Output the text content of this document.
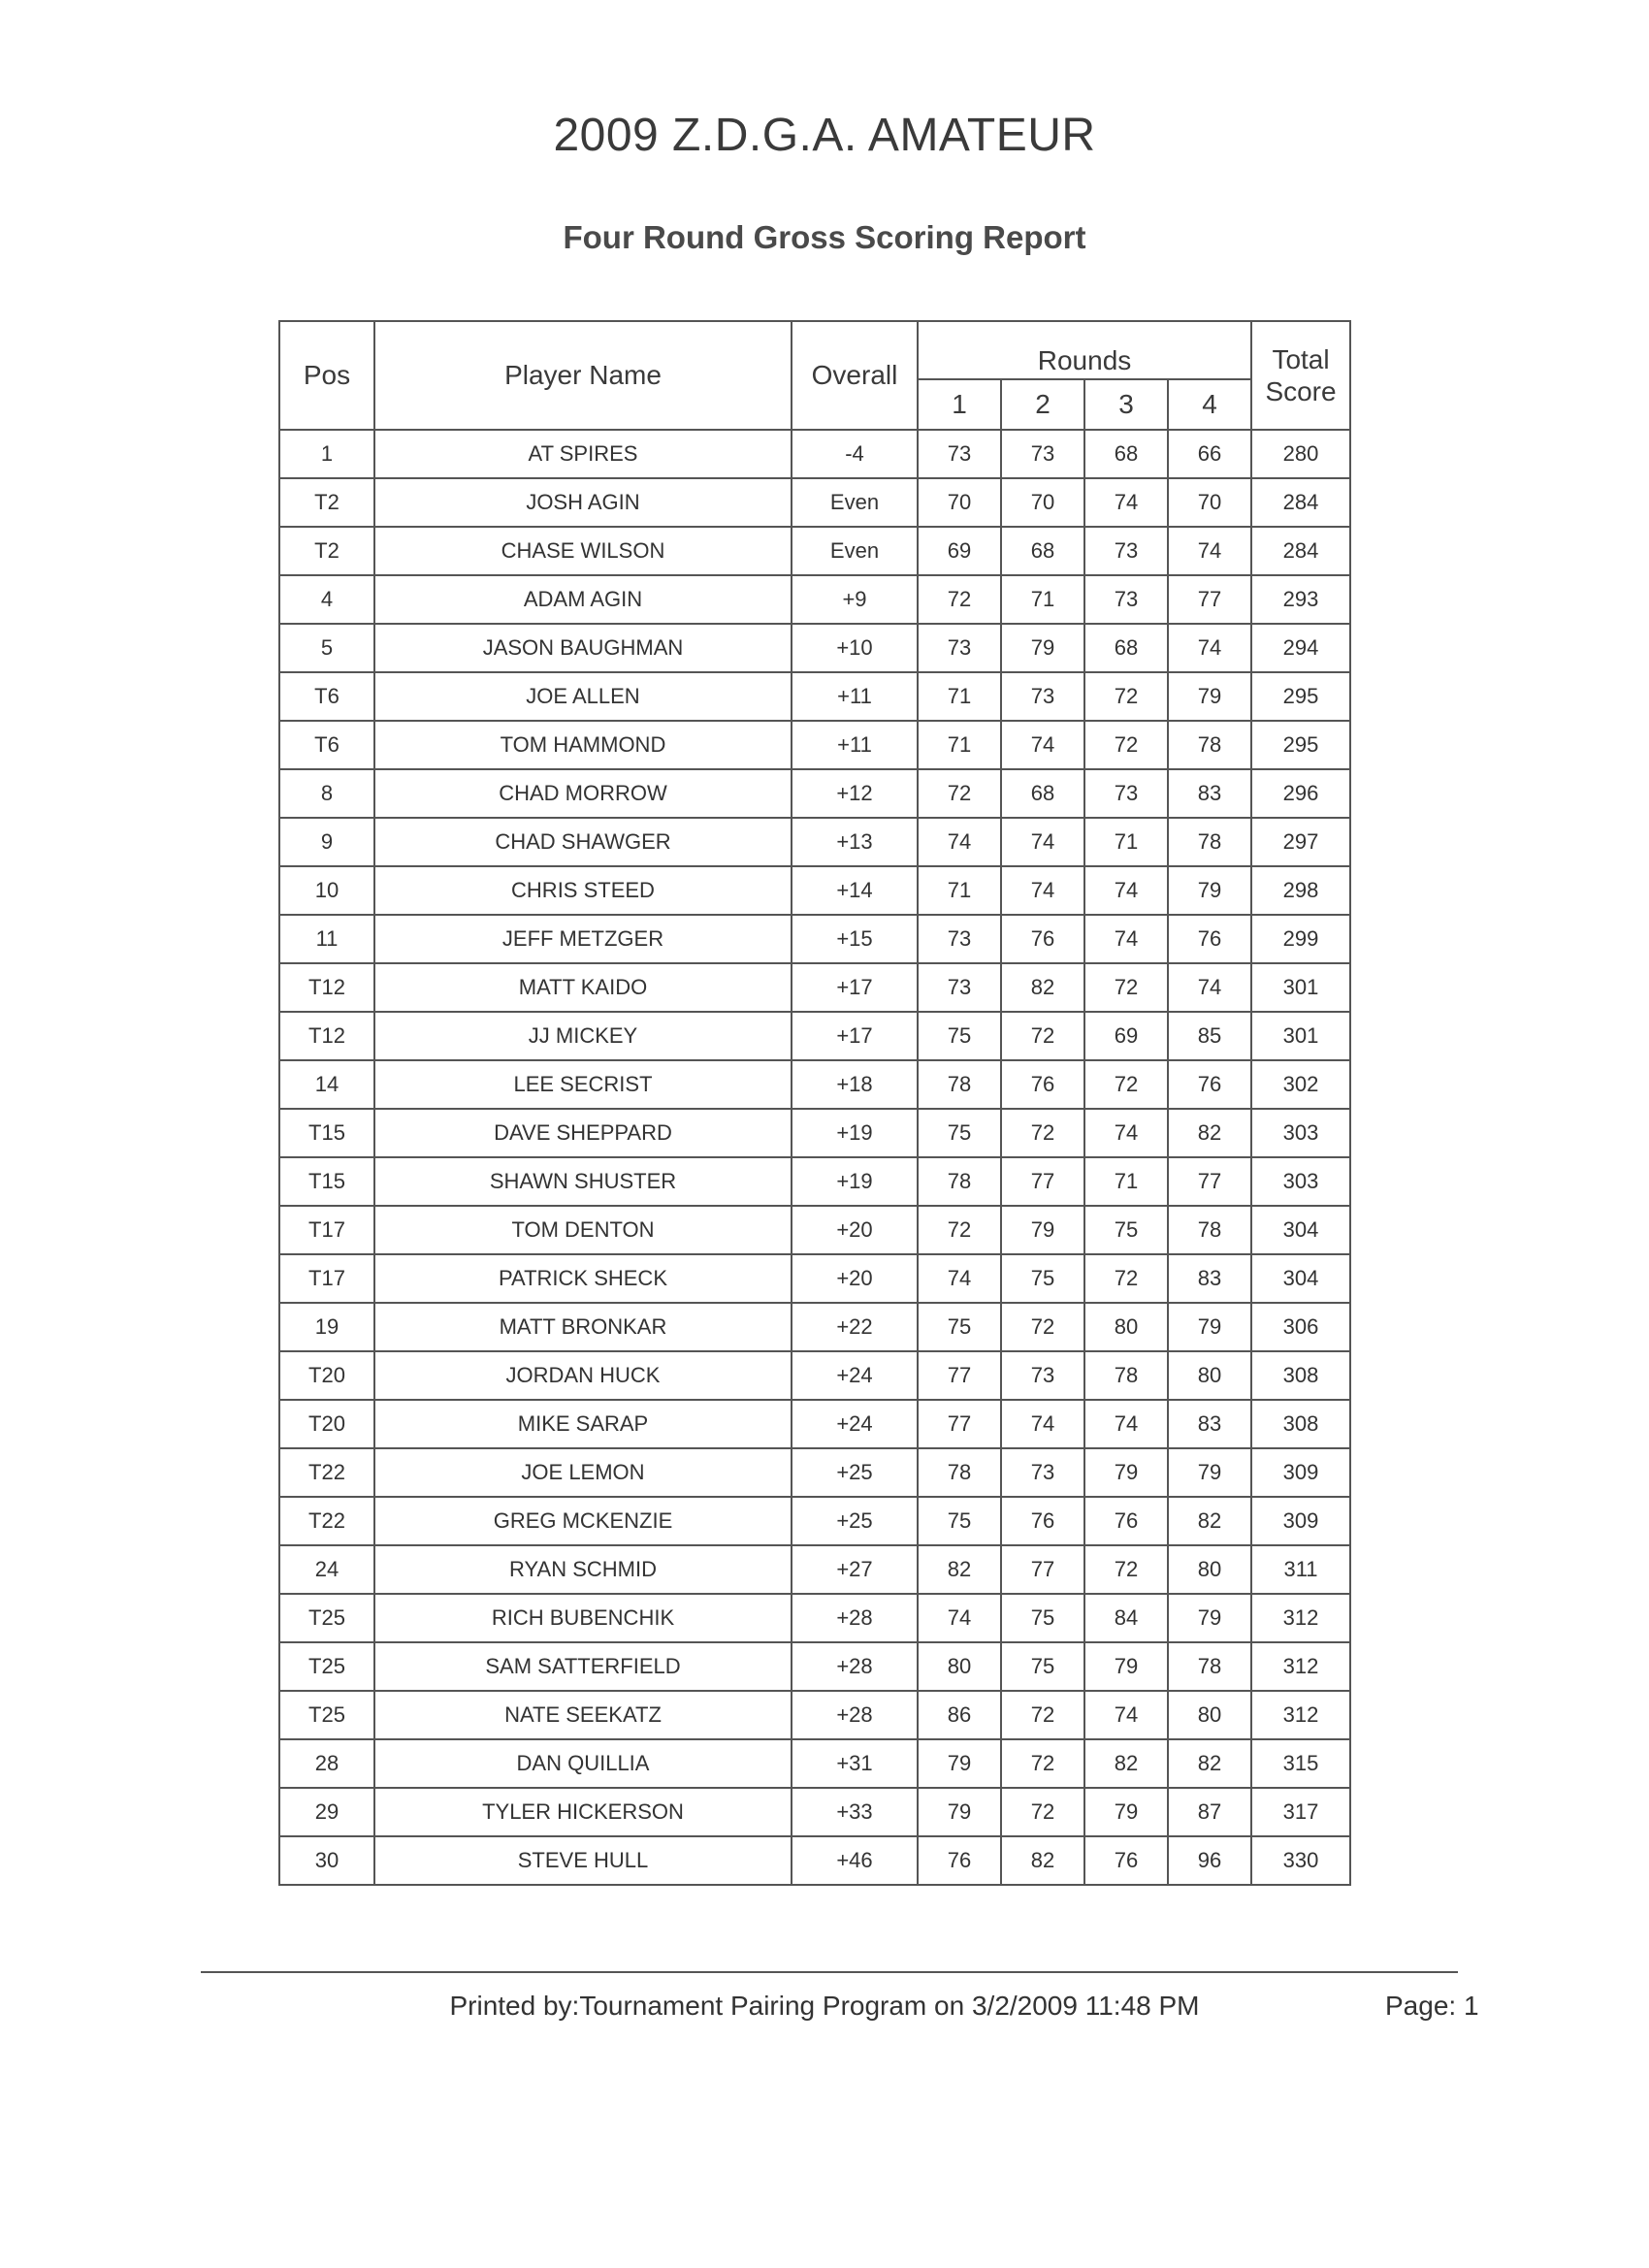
2009 Z.D.G.A. AMATEUR
Four Round Gross Scoring Report
Pos	Player Name	Overall	Rounds				Total
Score
			1	2	3	4	
1	AT SPIRES	-4	73	73	68	66	280
T2	JOSH AGIN	Even	70	70	74	70	284
T2	CHASE WILSON	Even	69	68	73	74	284
4	ADAM AGIN	+9	72	71	73	77	293
5	JASON BAUGHMAN	+10	73	79	68	74	294
T6	JOE ALLEN	+11	71	73	72	79	295
T6	TOM HAMMOND	+11	71	74	72	78	295
8	CHAD MORROW	+12	72	68	73	83	296
9	CHAD SHAWGER	+13	74	74	71	78	297
10	CHRIS STEED	+14	71	74	74	79	298
11	JEFF METZGER	+15	73	76	74	76	299
T12	MATT KAIDO	+17	73	82	72	74	301
T12	JJ MICKEY	+17	75	72	69	85	301
14	LEE SECRIST	+18	78	76	72	76	302
T15	DAVE SHEPPARD	+19	75	72	74	82	303
T15	SHAWN SHUSTER	+19	78	77	71	77	303
T17	TOM DENTON	+20	72	79	75	78	304
T17	PATRICK SHECK	+20	74	75	72	83	304
19	MATT BRONKAR	+22	75	72	80	79	306
T20	JORDAN HUCK	+24	77	73	78	80	308
T20	MIKE SARAP	+24	77	74	74	83	308
T22	JOE LEMON	+25	78	73	79	79	309
T22	GREG MCKENZIE	+25	75	76	76	82	309
24	RYAN SCHMID	+27	82	77	72	80	311
T25	RICH BUBENCHIK	+28	74	75	84	79	312
T25	SAM SATTERFIELD	+28	80	75	79	78	312
T25	NATE SEEKATZ	+28	86	72	74	80	312
28	DAN QUILLIA	+31	79	72	82	82	315
29	TYLER HICKERSON	+33	79	72	79	87	317
30	STEVE HULL	+46	76	82	76	96	330
Printed by:Tournament Pairing Program on 3/2/2009 11:48 PM	Page: 1
